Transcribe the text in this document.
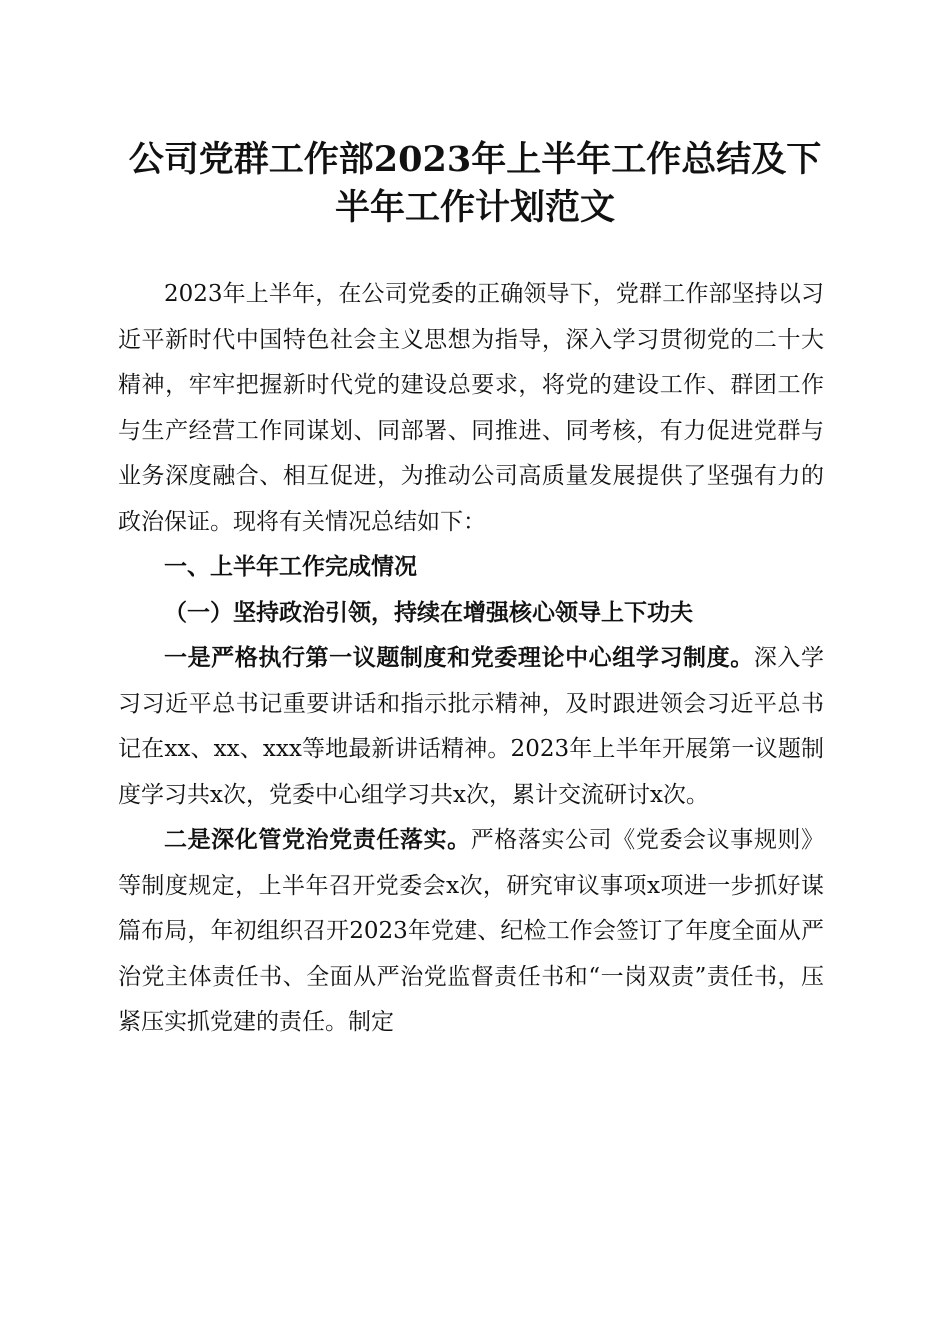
公司党群工作部2023年上半年工作总结及下
半年工作计划范文

2023年上半年，在公司党委的正确领导下，党群工作部坚持以习近平新时代中国特色社会主义思想为指导，深入学习贯彻党的二十大精神，牢牢把握新时代党的建设总要求，将党的建设工作、群团工作与生产经营工作同谋划、同部署、同推进、同考核，有力促进党群与业务深度融合、相互促进，为推动公司高质量发展提供了坚强有力的政治保证。现将有关情况总结如下：

一、上半年工作完成情况

（一）坚持政治引领，持续在增强核心领导上下功夫

一是严格执行第一议题制度和党委理论中心组学习制度。深入学习习近平总书记重要讲话和指示批示精神，及时跟进领会习近平总书记在xx、xx、xxx等地最新讲话精神。2023年上半年开展第一议题制度学习共x次，党委中心组学习共x次，累计交流研讨x次。

二是深化管党治党责任落实。严格落实公司《党委会议事规则》等制度规定，上半年召开党委会x次，研究审议事项x项进一步抓好谋篇布局，年初组织召开2023年党建、纪检工作会签订了年度全面从严治党主体责任书、全面从严治党监督责任书和“一岗双责”责任书，压紧压实抓党建的责任。制定
